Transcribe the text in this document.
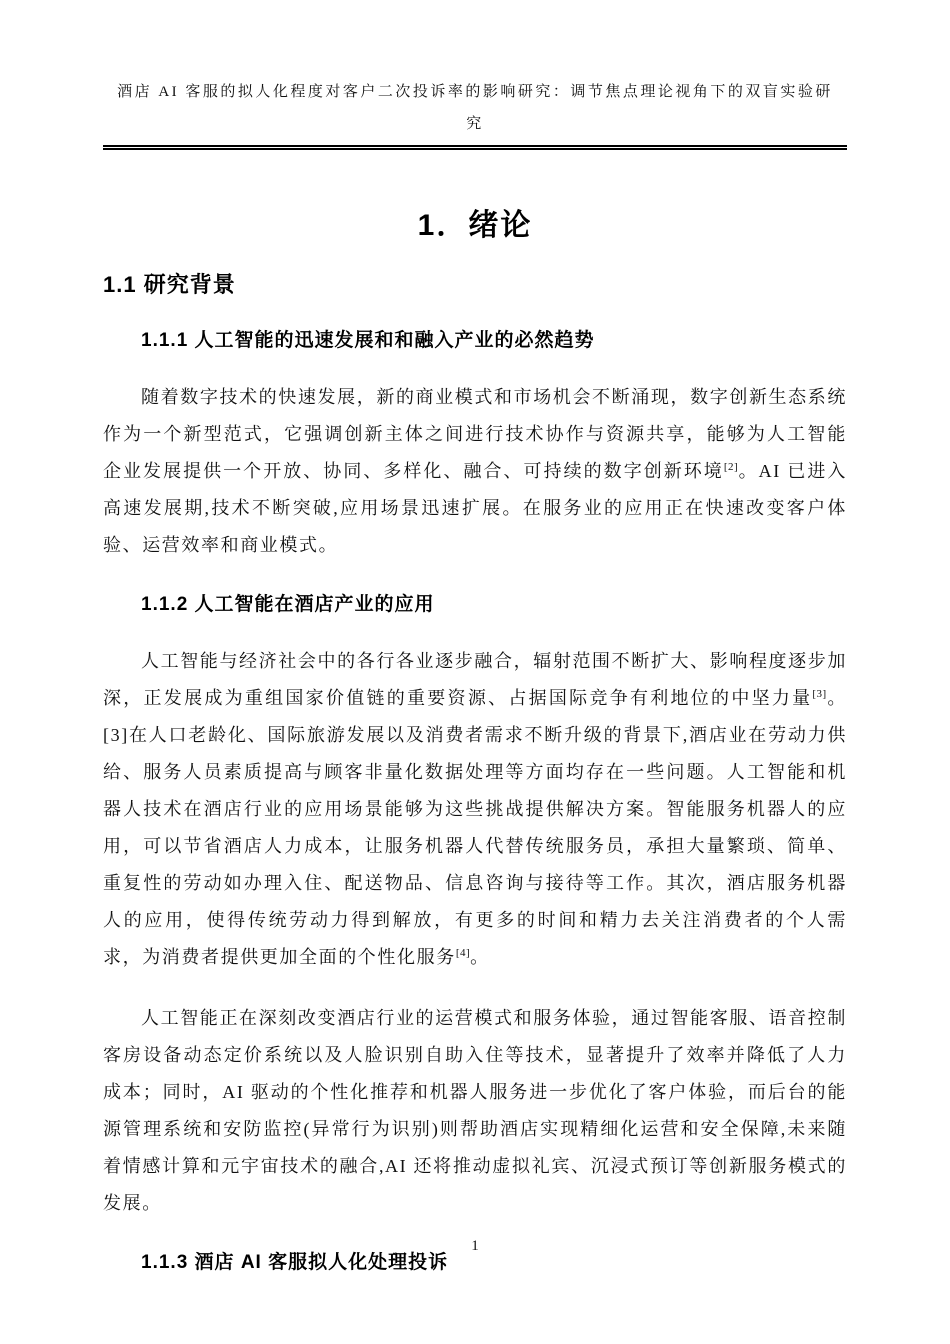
酒店 AI 客服的拟人化程度对客户二次投诉率的影响研究：调节焦点理论视角下的双盲实验研
究
1．绪论
1.1 研究背景
1.1.1 人工智能的迅速发展和和融入产业的必然趋势

随着数字技术的快速发展，新的商业模式和市场机会不断涌现，数字创新生态系统作为一个新型范式，它强调创新主体之间进行技术协作与资源共享，能够为人工智能企业发展提供一个开放、协同、多样化、融合、可持续的数字创新环境[2]。AI 已进入高速发展期,技术不断突破,应用场景迅速扩展。在服务业的应用正在快速改变客户体验、运营效率和商业模式。

1.1.2 人工智能在酒店产业的应用

人工智能与经济社会中的各行各业逐步融合，辐射范围不断扩大、影响程度逐步加深，正发展成为重组国家价值链的重要资源、占据国际竞争有利地位的中坚力量[3]。[3]在人口老龄化、国际旅游发展以及消费者需求不断升级的背景下,酒店业在劳动力供给、服务人员素质提高与顾客非量化数据处理等方面均存在一些问题。人工智能和机器人技术在酒店行业的应用场景能够为这些挑战提供解决方案。智能服务机器人的应用，可以节省酒店人力成本，让服务机器人代替传统服务员，承担大量繁琐、简单、重复性的劳动如办理入住、配送物品、信息咨询与接待等工作。其次，酒店服务机器人的应用，使得传统劳动力得到解放，有更多的时间和精力去关注消费者的个人需求，为消费者提供更加全面的个性化服务[4]。

人工智能正在深刻改变酒店行业的运营模式和服务体验，通过智能客服、语音控制客房设备动态定价系统以及人脸识别自助入住等技术，显著提升了效率并降低了人力成本；同时，AI 驱动的个性化推荐和机器人服务进一步优化了客户体验，而后台的能源管理系统和安防监控(异常行为识别)则帮助酒店实现精细化运营和安全保障,未来随着情感计算和元宇宙技术的融合,AI 还将推动虚拟礼宾、沉浸式预订等创新服务模式的发展。

1.1.3 酒店 AI 客服拟人化处理投诉
1
